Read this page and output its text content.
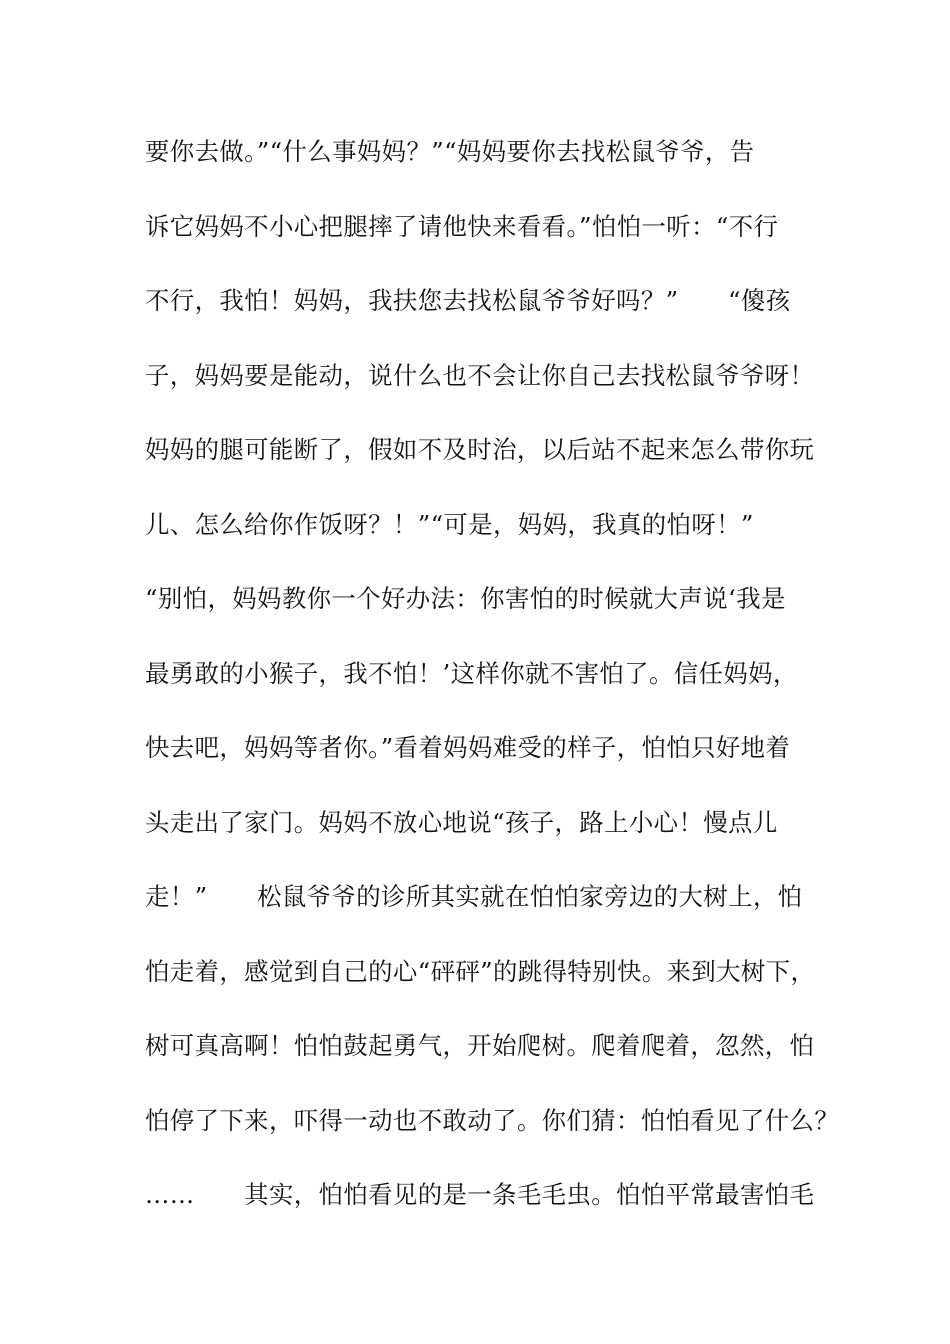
要你去做。”“什么事妈妈？”“妈妈要你去找松鼠爷爷，告
诉它妈妈不小心把腿摔了请他快来看看。”怕怕一听：“不行
不行，我怕！妈妈，我扶您去找松鼠爷爷好吗？”　　“傻孩
子，妈妈要是能动，说什么也不会让你自己去找松鼠爷爷呀！
妈妈的腿可能断了，假如不及时治，以后站不起来怎么带你玩
儿、怎么给你作饭呀？！”“可是，妈妈，我真的怕呀！”
“别怕，妈妈教你一个好办法：你害怕的时候就大声说‘我是
最勇敢的小猴子，我不怕！’这样你就不害怕了。信任妈妈，
快去吧，妈妈等者你。”看着妈妈难受的样子，怕怕只好地着
头走出了家门。妈妈不放心地说“孩子，路上小心！慢点儿
走！”　　松鼠爷爷的诊所其实就在怕怕家旁边的大树上，怕
怕走着，感觉到自己的心“砰砰”的跳得特别快。来到大树下，
树可真高啊！怕怕鼓起勇气，开始爬树。爬着爬着，忽然，怕
怕停了下来，吓得一动也不敢动了。你们猜：怕怕看见了什么？
……　　其实，怕怕看见的是一条毛毛虫。怕怕平常最害怕毛
